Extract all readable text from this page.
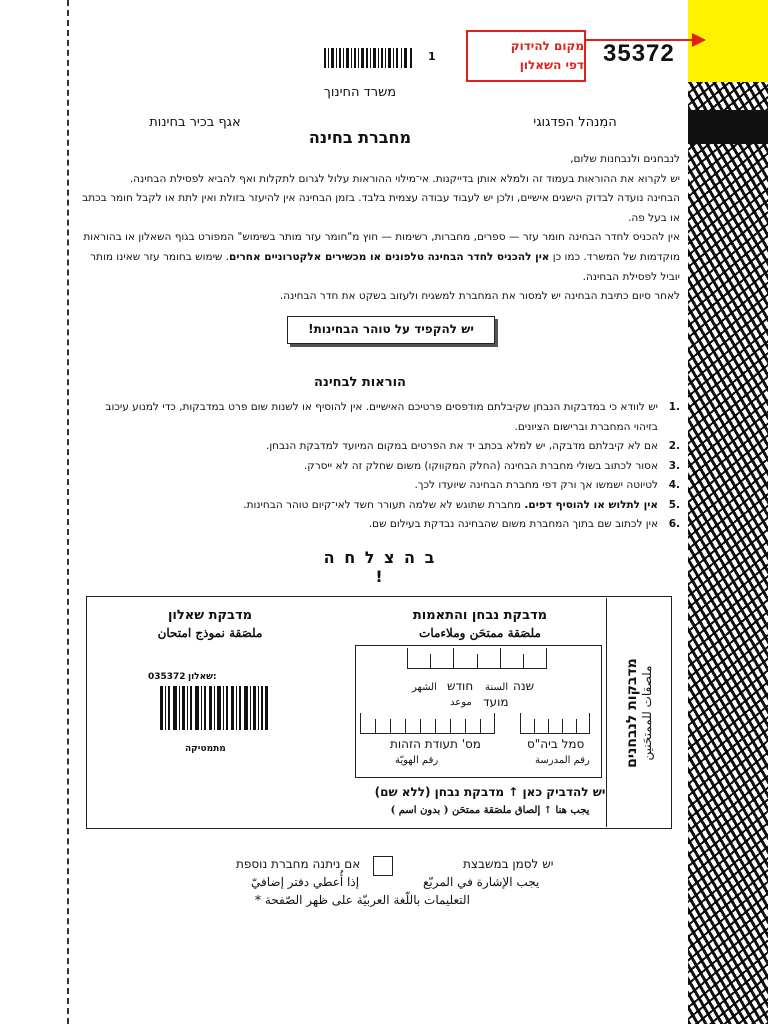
מקום להידוק
דפי השאלון 35372
1
משרד החינוך
המִנהל הפדגוגי
אגף בכיר בחינות
מחברת בחינה

לנבחנים ולנבחנות שלום,

יש לקרוא את ההוראות בעמוד זה ולמלא אותן בדייקנות. אי־מילוי ההוראות עלול לגרום לתקלות ואף להביא לפסילת הבחינה.

הבחינה נועדה לבדוק הישגים אישיים, ולכן יש לעבוד עבודה עצמית בלבד. בזמן הבחינה אין להיעזר בזולת ואין לתת או לקבל חומר בכתב או בעל פה.

אין להכניס לחדר הבחינה חומר עזר — ספרים, מחברות, רשימות — חוץ מ"חומר עזר מותר בשימוש" המפורט בגוף השאלון או בהוראות מוקדמות של המשרד. כמו כן אין להכניס לחדר הבחינה טלפונים או מכשירים אלקטרוניים אחרים. שימוש בחומר עזר שאינו מותר יוביל לפסילת הבחינה.

לאחר סיום כתיבת הבחינה יש למסור את המחברת למשגיח ולעזוב בשקט את חדר הבחינה.

יש להקפיד על טוהר הבחינות!
הוראות לבחינה
.1
יש לוודא כי במדבקות הנבחן שקיבלתם מודפסים פרטיכם האישיים. אין להוסיף או לשנות שום פרט במדבקות, כדי למנוע עיכוב בזיהוי המחברת וברישום הציונים.
.2
אם לא קיבלתם מדבקה, יש למלא בכתב יד את הפרטים במקום המיועד למדבקת הנבחן.
.3
אסור לכתוב בשולי מחברת הבחינה (החלק המקווקו) משום שחלק זה לא ייסרק.
.4
לטיוטה ישמשו אך ורק דפי מחברת הבחינה שיועדו לכך.
.5
אין לתלוש או להוסיף דפים. מחברת שתוגש לא שלמה תעורר חשד לאי־קיום טוהר הבחינות.
.6
אין לכתוב שם בתוך המחברת משום שהבחינה נבדקת בעילום שם.
ב ה צ ל ח ה !
מדבקות לנבחנים ملصقات للممتحَنين
מדבקת נבחן והתאמות
ملصَقة ممتحَن وملاءمات
מדבקת שאלון
ملصَقة نموذج امتحان
שנה
السنة
חודש
الشهر
מועד
موعد
סמל ביה"ס
رقم المدرسة
מס' תעודת הזהות
رقم الهويّة
יש להדביק כאן ↑ מדבקת נבחן (ללא שם)
يجب هنا ↑ إلصاق ملصَقة ممتحَن ( بدون اسم )
שאלון:
035372
מתמטיקה
יש לסמן במשבצת
يجب الإشارة في المربّع
אם ניתנה מחברת נוספת
إذا أُعطي دفتر إضافيّ
* التعليمات باللّغة العربيّة على ظهر الصّفحة
